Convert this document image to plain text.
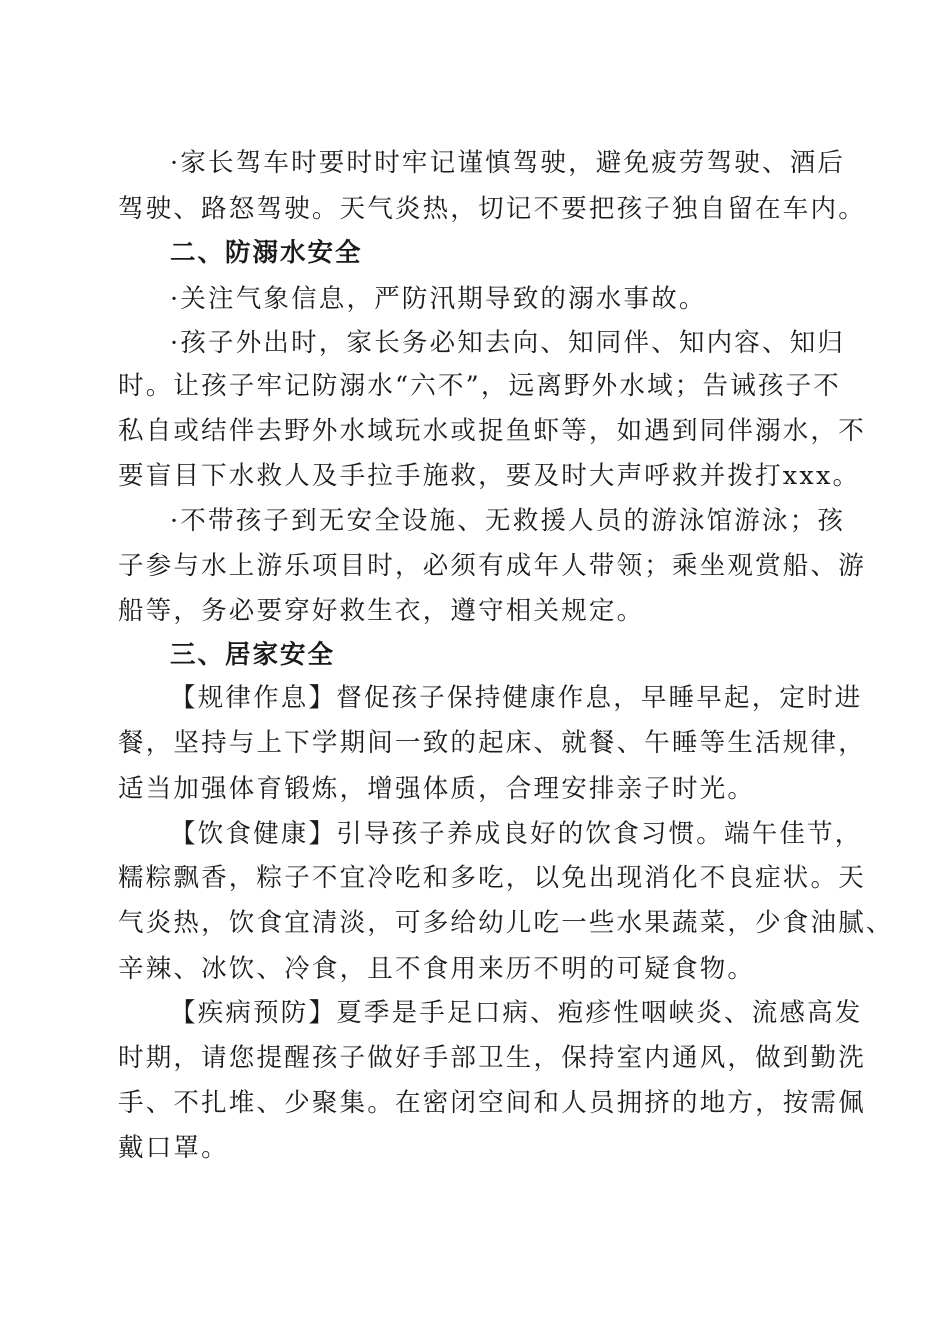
·家长驾车时要时时牢记谨慎驾驶，避免疲劳驾驶、酒后

驾驶、路怒驾驶。天气炎热，切记不要把孩子独自留在车内。

二、防溺水安全

·关注气象信息，严防汛期导致的溺水事故。

·孩子外出时，家长务必知去向、知同伴、知内容、知归

时。让孩子牢记防溺水“六不”，远离野外水域；告诫孩子不

私自或结伴去野外水域玩水或捉鱼虾等，如遇到同伴溺水，不

要盲目下水救人及手拉手施救，要及时大声呼救并拨打xxx。

·不带孩子到无安全设施、无救援人员的游泳馆游泳；孩

子参与水上游乐项目时，必须有成年人带领；乘坐观赏船、游

船等，务必要穿好救生衣，遵守相关规定。

三、居家安全

【规律作息】督促孩子保持健康作息，早睡早起，定时进

餐，坚持与上下学期间一致的起床、就餐、午睡等生活规律，

适当加强体育锻炼，增强体质，合理安排亲子时光。

【饮食健康】引导孩子养成良好的饮食习惯。端午佳节，

糯粽飘香，粽子不宜冷吃和多吃，以免出现消化不良症状。天

气炎热，饮食宜清淡，可多给幼儿吃一些水果蔬菜，少食油腻、

辛辣、冰饮、冷食，且不食用来历不明的可疑食物。

【疾病预防】夏季是手足口病、疱疹性咽峡炎、流感高发

时期，请您提醒孩子做好手部卫生，保持室内通风，做到勤洗

手、不扎堆、少聚集。在密闭空间和人员拥挤的地方，按需佩

戴口罩。
